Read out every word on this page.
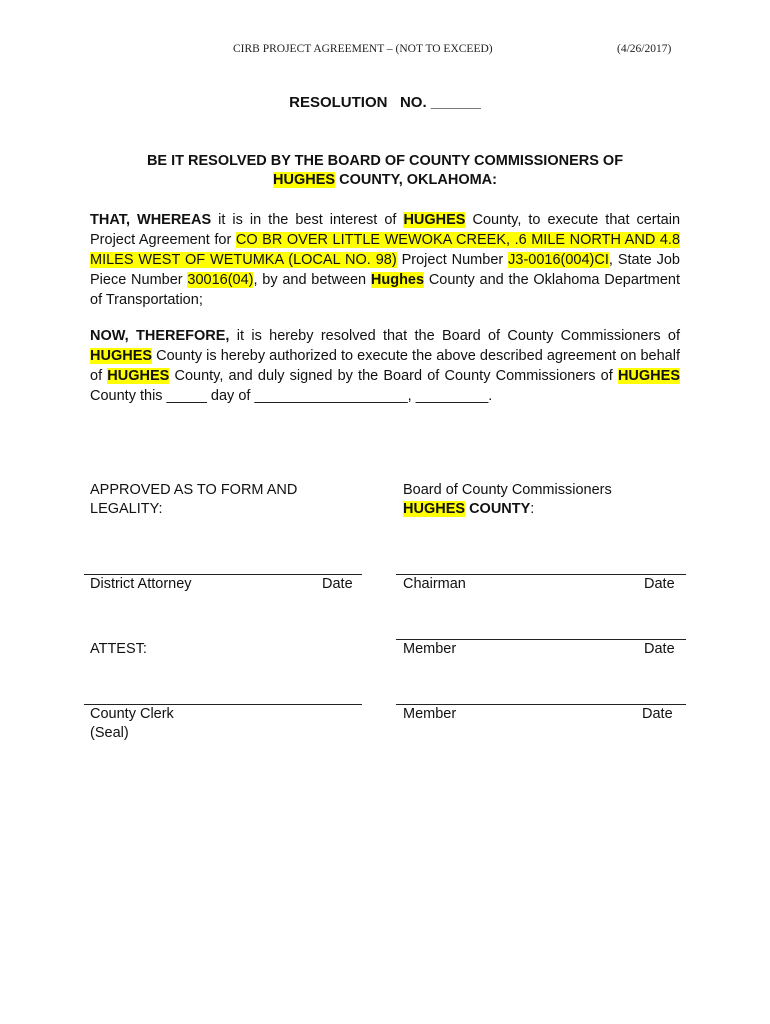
CIRB PROJECT AGREEMENT – (NOT TO EXCEED)	(4/26/2017)
RESOLUTION   NO. ______
BE IT RESOLVED BY THE BOARD OF COUNTY COMMISSIONERS OF
HUGHES COUNTY, OKLAHOMA:
THAT, WHEREAS it is in the best interest of HUGHES County, to execute that certain Project Agreement for CO BR OVER LITTLE WEWOKA CREEK, .6 MILE NORTH AND 4.8 MILES WEST OF WETUMKA (LOCAL NO. 98) Project Number J3-0016(004)CI, State Job Piece Number 30016(04), by and between Hughes County and the Oklahoma Department of Transportation;
NOW, THEREFORE, it is hereby resolved that the Board of County Commissioners of HUGHES County is hereby authorized to execute the above described agreement on behalf of HUGHES County, and duly signed by the Board of County Commissioners of HUGHES County this _____ day of ___________________, _________.
APPROVED AS TO FORM AND
LEGALITY:
Board of County Commissioners
HUGHES COUNTY:
District Attorney	Date	Chairman	Date
ATTEST:	Member	Date
County Clerk
(Seal)
Member	Date
